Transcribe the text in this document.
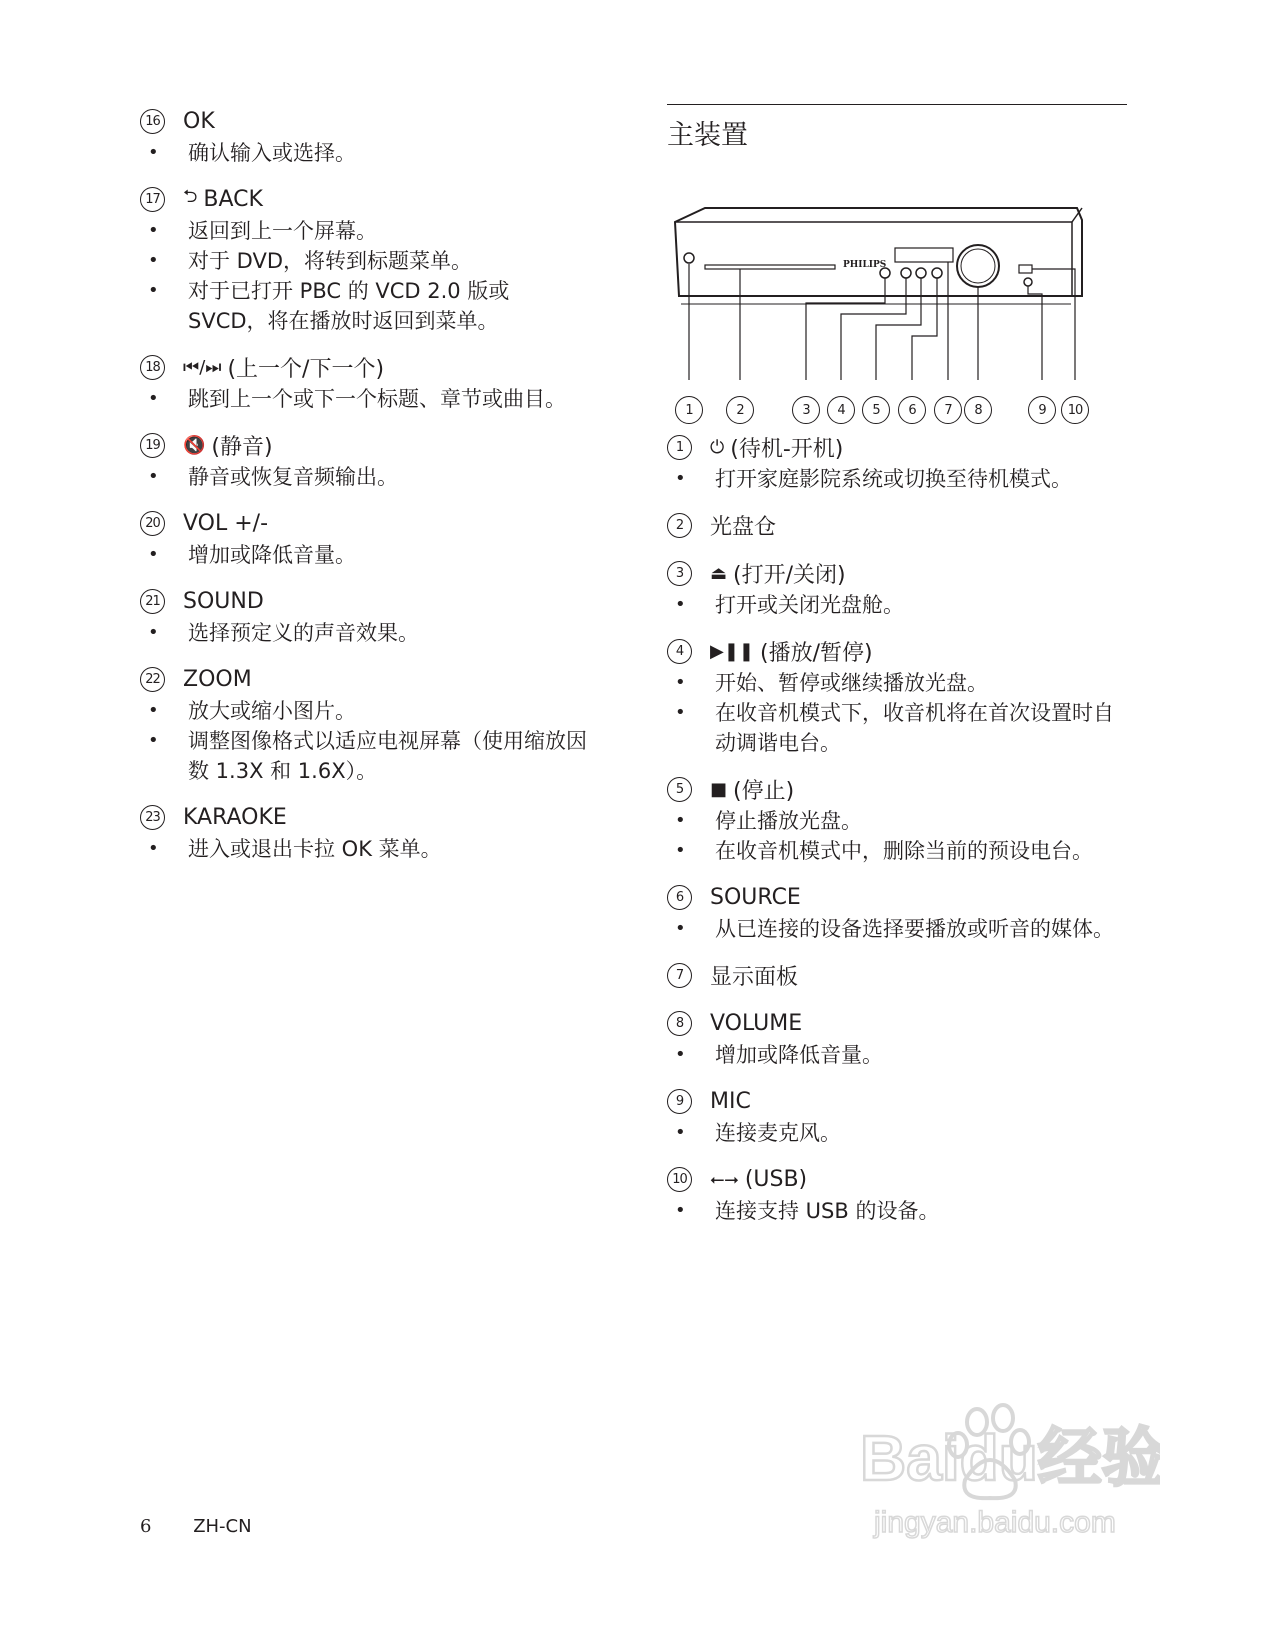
16 OK
• 确认输入或选择。
17 ⮌ BACK
• 返回到上一个屏幕。
• 对于 DVD，将转到标题菜单。
• 对于已打开 PBC 的 VCD 2.0 版或 SVCD，将在播放时返回到菜单。
18 ⏮/⏭ (上一个/下一个)
• 跳到上一个或下一个标题、章节或曲目。
19 🔇 (静音)
• 静音或恢复音频输出。
20 VOL +/-
• 增加或降低音量。
21 SOUND
• 选择预定义的声音效果。
22 ZOOM
• 放大或缩小图片。
• 调整图像格式以适应电视屏幕（使用缩放因数 1.3X 和 1.6X）。
23 KARAOKE
• 进入或退出卡拉 OK 菜单。
主装置
PHILIPS
1	2	3	4	5	6	7	8	9	10
1	⏻ (待机-开机)
• 打开家庭影院系统或切换至待机模式。
2	光盘仓
3	⏏ (打开/关闭)
• 打开或关闭光盘舱。
4	▶❚❚ (播放/暂停)
• 开始、暂停或继续播放光盘。
• 在收音机模式下，收音机将在首次设置时自动调谐电台。
5	■ (停止)
• 停止播放光盘。
• 在收音机模式中，删除当前的预设电台。
6	SOURCE
• 从已连接的设备选择要播放或听音的媒体。
7	显示面板
8	VOLUME
• 增加或降低音量。
9	MIC
• 连接麦克风。
10 ⭠⭢ (USB)
• 连接支持 USB 的设备。
6 ZH-CN
Baidu经验
jingyan.baidu.com
